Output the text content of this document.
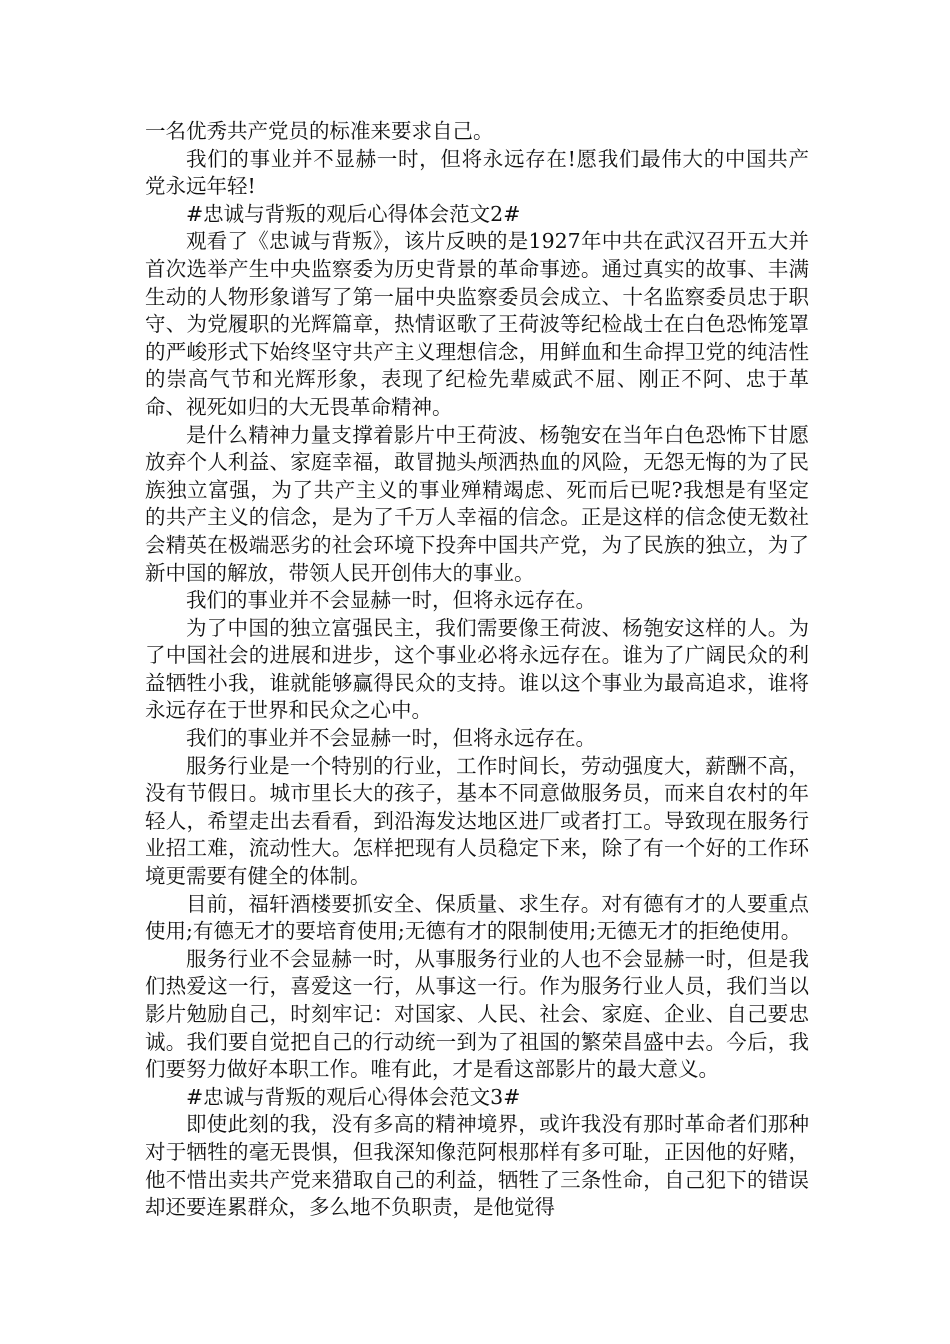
一名优秀共产党员的标准来要求自己。

我们的事业并不显赫一时，但将永远存在!愿我们最伟大的中国共产党永远年轻!

#忠诚与背叛的观后心得体会范文2#

观看了《忠诚与背叛》，该片反映的是1927年中共在武汉召开五大并首次选举产生中央监察委为历史背景的革命事迹。通过真实的故事、丰满生动的人物形象谱写了第一届中央监察委员会成立、十名监察委员忠于职守、为党履职的光辉篇章，热情讴歌了王荷波等纪检战士在白色恐怖笼罩的严峻形式下始终坚守共产主义理想信念，用鲜血和生命捍卫党的纯洁性的崇高气节和光辉形象，表现了纪检先辈威武不屈、刚正不阿、忠于革命、视死如归的大无畏革命精神。

是什么精神力量支撑着影片中王荷波、杨匏安在当年白色恐怖下甘愿放弃个人利益、家庭幸福，敢冒抛头颅洒热血的风险，无怨无悔的为了民族独立富强，为了共产主义的事业殚精竭虑、死而后已呢?我想是有坚定的共产主义的信念，是为了千万人幸福的信念。正是这样的信念使无数社会精英在极端恶劣的社会环境下投奔中国共产党，为了民族的独立，为了新中国的解放，带领人民开创伟大的事业。

我们的事业并不会显赫一时，但将永远存在。

为了中国的独立富强民主，我们需要像王荷波、杨匏安这样的人。为了中国社会的进展和进步，这个事业必将永远存在。谁为了广阔民众的利益牺牲小我，谁就能够赢得民众的支持。谁以这个事业为最高追求，谁将永远存在于世界和民众之心中。

我们的事业并不会显赫一时，但将永远存在。

服务行业是一个特别的行业，工作时间长，劳动强度大，薪酬不高，没有节假日。城市里长大的孩子，基本不同意做服务员，而来自农村的年轻人，希望走出去看看，到沿海发达地区进厂或者打工。导致现在服务行业招工难，流动性大。怎样把现有人员稳定下来，除了有一个好的工作环境更需要有健全的体制。

目前，福轩酒楼要抓安全、保质量、求生存。对有德有才的人要重点使用;有德无才的要培育使用;无德有才的限制使用;无德无才的拒绝使用。

服务行业不会显赫一时，从事服务行业的人也不会显赫一时，但是我们热爱这一行，喜爱这一行，从事这一行。作为服务行业人员，我们当以影片勉励自己，时刻牢记：对国家、人民、社会、家庭、企业、自己要忠诚。我们要自觉把自己的行动统一到为了祖国的繁荣昌盛中去。今后，我们要努力做好本职工作。唯有此，才是看这部影片的最大意义。

#忠诚与背叛的观后心得体会范文3#

即使此刻的我，没有多高的精神境界，或许我没有那时革命者们那种对于牺牲的毫无畏惧，但我深知像范阿根那样有多可耻，正因他的好赌，他不惜出卖共产党来猎取自己的利益，牺牲了三条性命，自己犯下的错误却还要连累群众，多么地不负职责，是他觉得
